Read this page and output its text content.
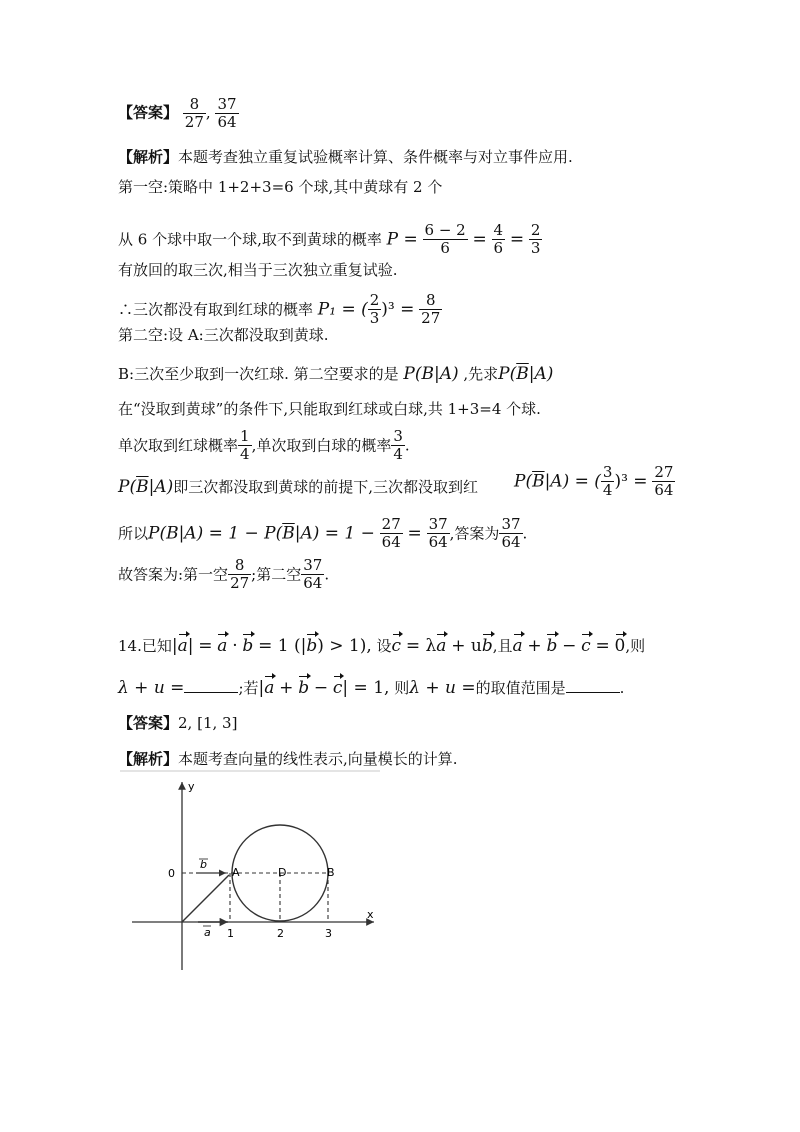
【答案】 $\frac{8}{27}$ , $\frac{37}{64}$
【解析】本题考查独立重复试验概率计算、条件概率与对立事件应用.
第一空:策略中 1+2+3=6 个球,其中黄球有 2 个
从 6 个球中取一个球,取不到黄球的概率 $P = \frac{6 - 2}{6} = \frac{4}{6} = \frac{2}{3}$
有放回的取三次,相当于三次独立重复试验.
∴三次都没有取到红球的概率 P₁ = ( $\frac{2}{3} )^3 = \frac{8}{27}$
第二空:设 A:三次都没取到黄球.
B:三次至少取到一次红球. 第二空要求的是 P(B|A) ,先求$P(\overline{B}|A)$
在“没取到黄球”的条件下,只能取到红球或白球,共 1+3=4 个球.
单次取到红球概率 $\frac{1}{4}$ ,单次取到白球的概率 $\frac{3}{4}$ .
$P(\overline{B}|A)$即三次都没取到黄球的前提下,三次都没取到红 $P(\overline{B}|A)$ = ( $\frac{3}{4} )^3 = \frac{27}{64}$
所以$P(B|A) = 1 - P(\overline{B}|A) = 1 - \frac{27}{64} = \frac{37}{64}$ ,答案为 $\frac{37}{64}$ .
故答案为:第一空 $\frac{8}{27}$ ;第二空 $\frac{37}{64}$ .
14.已知|a| = a · b = 1 (|b) > 1), 设c = λa + ub,且a + b − c = 0,则
λ + u =	;若|a + b − c| = 1, 则λ + u =的取值范围是	.
【答案】2, [1, 3]
【解析】本题考查向量的线性表示,向量模长的计算.
y
x
0
b
a
A	D	B
1	2	3
